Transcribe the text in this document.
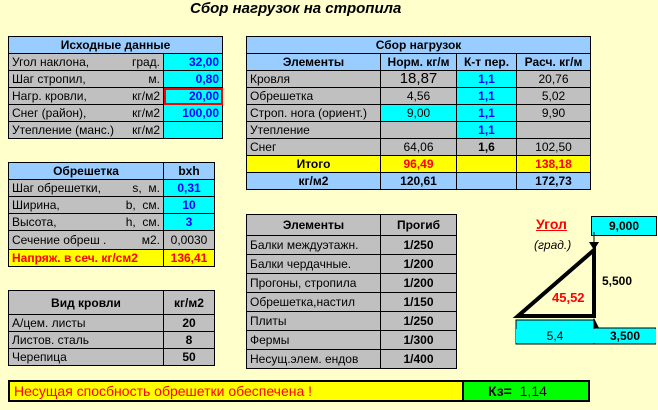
Сбор нагрузок на стропила
Исходные данные	

Угол наклона, град.	32,00

Шаг стропил, м.	0,80

Нагр. кровли, кг/м2	20,00

Снег (район), кг/м2	100,00

Утепление (манс.) кг/м2	

Обрешетка	bxh

Шаг обрешетки, s, м.	0,31

Ширина, b, см.	10

Высота, h, см.	3

Сечение обреш . м2.	0,0030
Напряж. в сеч. кг/см2	136,41
Вид кровли	кг/м2
А/цем. листы	20
Листов. сталь	8
Черепица	50
Сбор нагрузок			
Элементы	Норм. кг/м	К-т пер.	Расч. кг/м
Кровля	18,87	1,1	20,76
Обрешетка	4,56	1,1	5,02
Строп. нога (ориент.)	9,00	1,1	9,90
Утепление		1,1	
Снег	64,06	1,6	102,50
Итого	96,49		138,18
кг/м2	120,61		172,73
Элементы	Прогиб
Балки междуэтажн.	1/250
Балки чердачные.	1/200
Прогоны, стропила	1/200
Обрешетка,настил	1/150
Плиты	1/250
Фермы	1/300
Несущ.элем. ендов	1/400
Угол
(град.)
9,000
5,500
45,52
5,4	3,500
Несущая спосбность обрешетки обеспечена !	Кз= 1,14
